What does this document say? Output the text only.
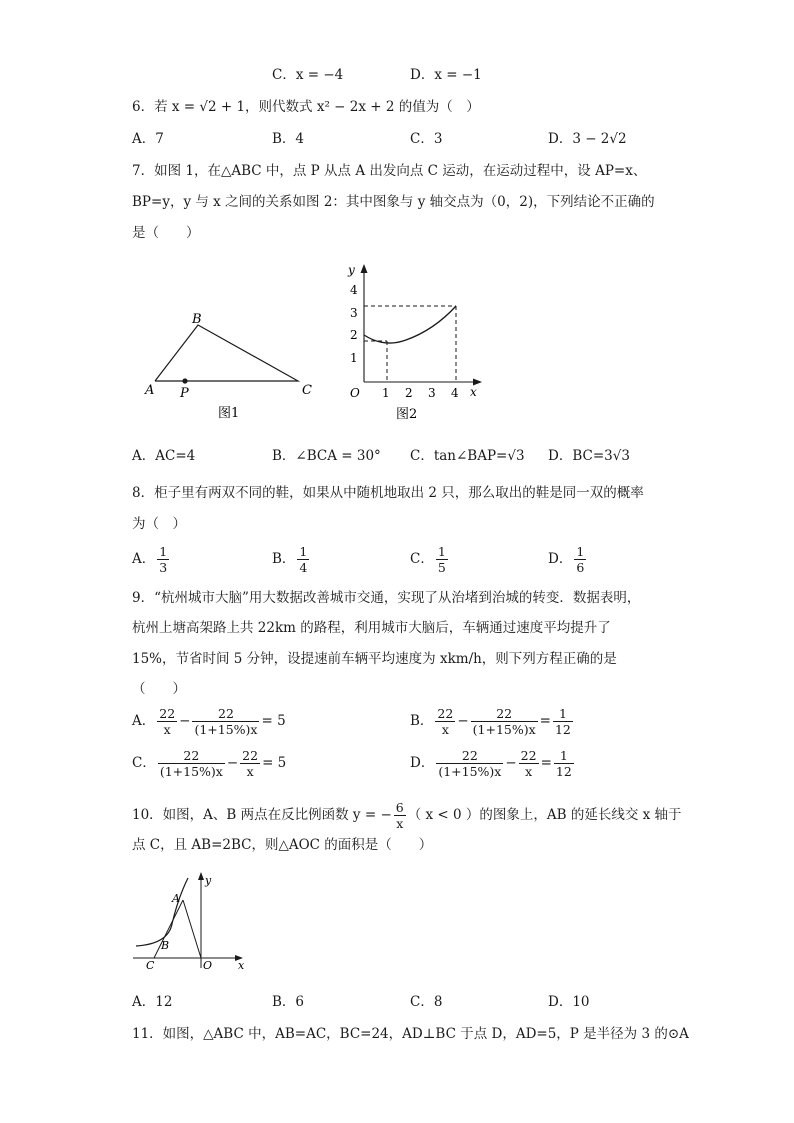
C．x = −4	D．x = −1
6．若 x = √2 + 1，则代数式 x² − 2x + 2 的值为（　）
A．7	B．4	C．3	D．3 − 2√2
7．如图 1，在△ABC 中，点 P 从点 A 出发向点 C 运动，在运动过程中，设 AP=x、
BP=y，y 与 x 之间的关系如图 2：其中图象与 y 轴交点为（0，2)，下列结论不正确的
是（　　）
A
B
C
P
图1
y
x
O
4
3
2
1
1 2 3 4
图2
A．AC=4	B．∠BCA = 30° C．tan∠BAP=√3 D．BC=3√3
8．柜子里有两双不同的鞋，如果从中随机地取出 2 只，那么取出的鞋是同一双的概率
为（　）
A． $\frac{1}{3}$	B． $\frac{1}{4}$	C． $\frac{1}{5}$	D． $\frac{1}{6}$
9．“杭州城市大脑”用大数据改善城市交通，实现了从治堵到治城的转变．数据表明，
杭州上塘高架路上共 22km 的路程，利用城市大脑后，车辆通过速度平均提升了
15%，节省时间 5 分钟，设提速前车辆平均速度为 xkm/h，则下列方程正确的是
（　　）
A． $\frac{22}{x} - \frac{22}{(1+15\%)x} = 5$	B． $\frac{22}{x} - \frac{22}{(1+15\%)x} = \frac{1}{12}$
C． $\frac{22}{(1+15\%)x} - \frac{22}{x} = 5$	D． $\frac{22}{(1+15\%)x} - \frac{22}{x} = \frac{1}{12}$
10．如图，A、B 两点在反比例函数 y = − $\frac{6}{x}$ （ x < 0 ）的图象上，AB 的延长线交 x 轴于
点 C，且 AB=2BC，则△AOC 的面积是（　　）
A
B
C	O x
y
A．12	B．6	C．8	D．10
11．如图，△ABC 中，AB=AC，BC=24，AD⊥BC 于点 D，AD=5，P 是半径为 3 的⊙A
